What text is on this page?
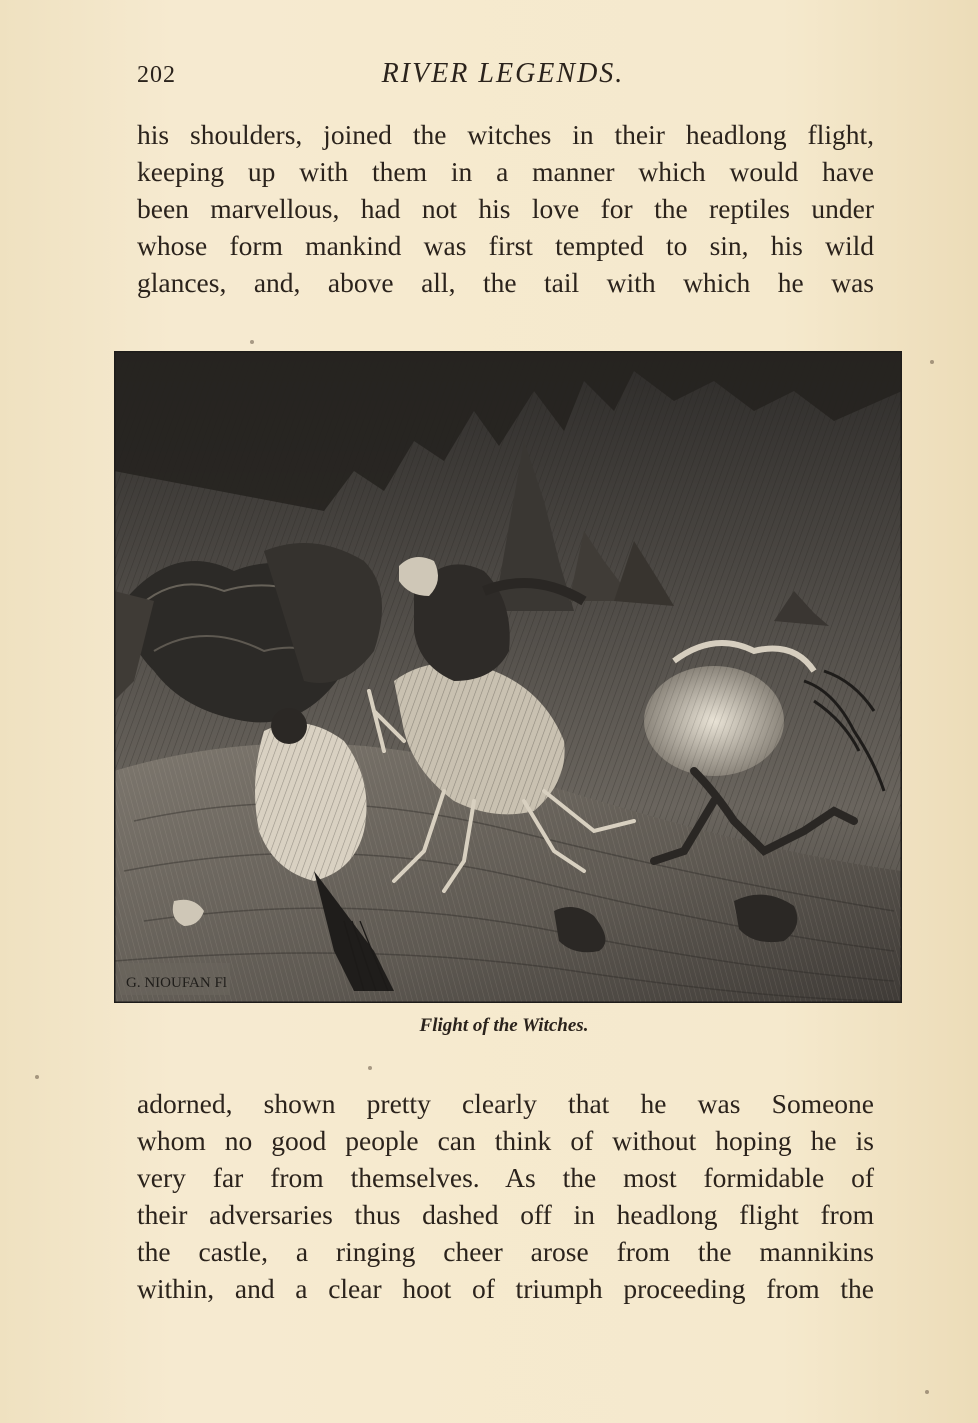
202	RIVER LEGENDS.
his shoulders, joined the witches in their headlong flight,
keeping up with them in a manner which would have
been marvellous, had not his love for the reptiles under
whose form mankind was first tempted to sin, his wild
glances, and, above all, the tail with which he was
G. NIOUFAN Fl
Flight of the Witches.
adorned, shown pretty clearly that he was Someone
whom no good people can think of without hoping he is
very far from themselves. As the most formidable of
their adversaries thus dashed off in headlong flight from
the castle, a ringing cheer arose from the mannikins
within, and a clear hoot of triumph proceeding from the
